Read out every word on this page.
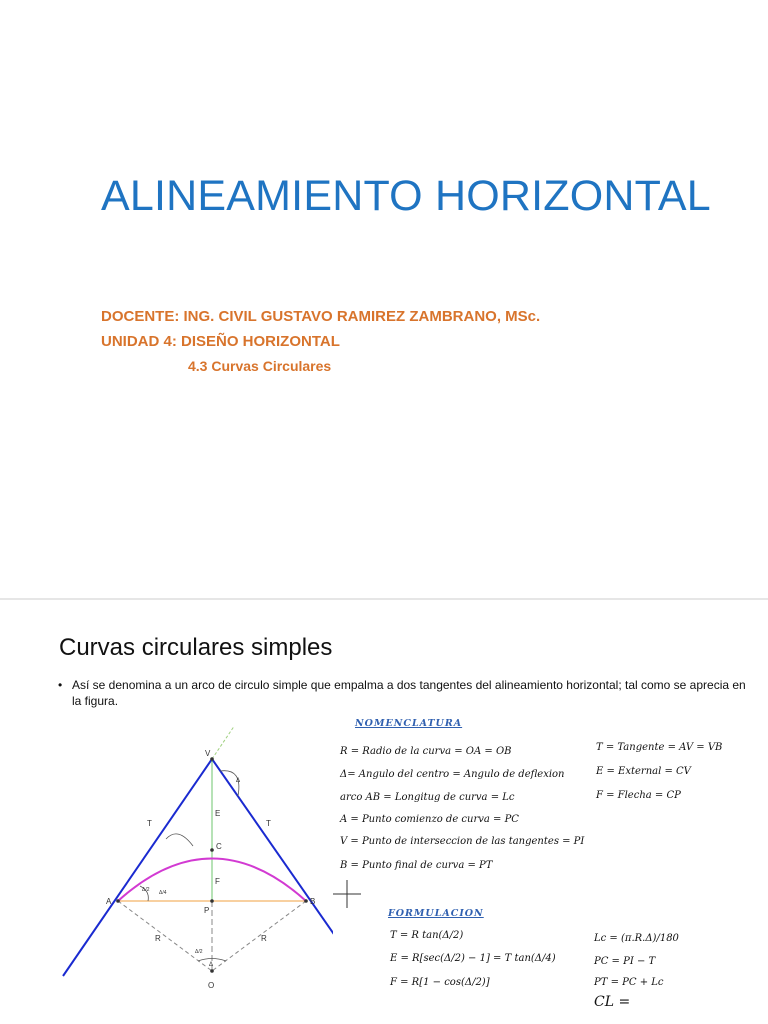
ALINEAMIENTO HORIZONTAL
DOCENTE: ING. CIVIL GUSTAVO RAMIREZ ZAMBRANO, MSc.
UNIDAD 4: DISEÑO HORIZONTAL
4.3 Curvas Circulares
Curvas circulares simples
• Así se denomina a un arco de circulo simple que empalma a dos tangentes del alineamiento horizontal; tal como se aprecia en la figura.
V
A	B
C
P
O
E
F
T	T
R	R
Δ
Δ
Δ/2 Δ/4
Δ/2
NOMENCLATURA
R = Radio de la curva = OA = OB
Δ= Angulo del centro = Angulo de deflexion
arco AB = Longitug de curva = Lc
A = Punto comienzo de curva = PC
V = Punto de interseccion de las tangentes = PI
B = Punto final de curva = PT
T = Tangente = AV = VB
E = External = CV
F = Flecha = CP
FORMULACION
T = R tan(Δ/2)
E = R[sec(Δ/2) − 1] = T tan(Δ/4)
F = R[1 − cos(Δ/2)]
Lc = (π.R.Δ)/180
PC = PI − T
PT = PC + Lc
CL =
